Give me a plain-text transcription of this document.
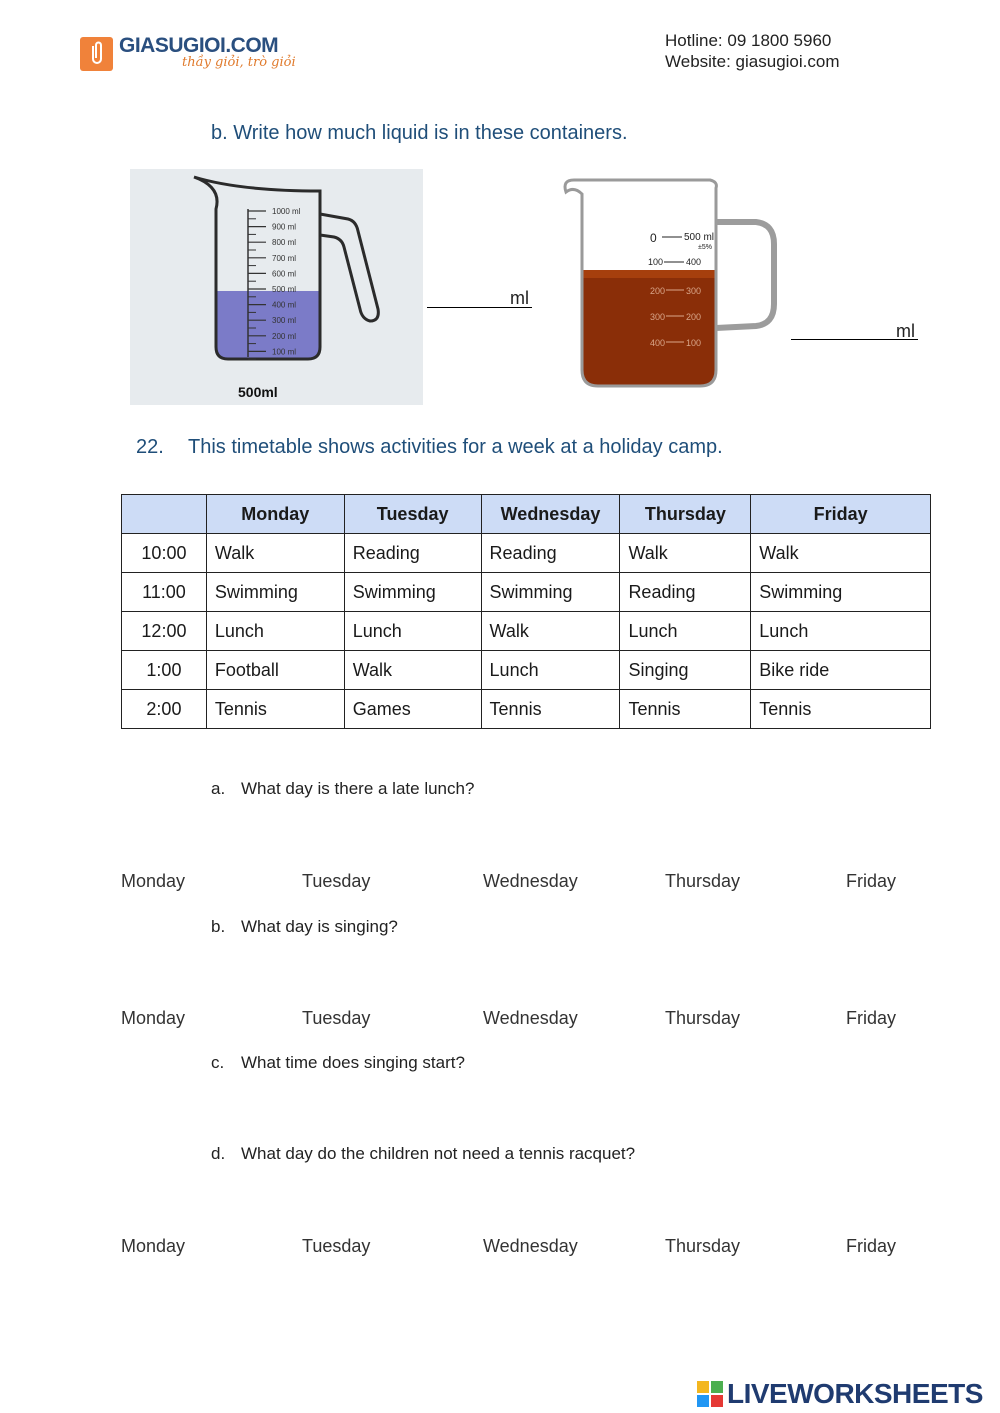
GIASUGIOI.COM
thầy giỏi, trò giỏi
Hotline: 09 1800 5960
Website: giasugioi.com
b. Write how much liquid is in these containers.
1000 ml
900 ml
800 ml
700 ml
600 ml
500 ml
400 ml
300 ml
200 ml
100 ml
500ml
ml
0	500 ml
±5%
100	400
200 300
300 200
400 100
ml
22. This timetable shows activities for a week at a holiday camp.
	Monday	Tuesday	Wednesday	Thursday	Friday
10:00	Walk	Reading	Reading	Walk	Walk
11:00	Swimming	Swimming	Swimming	Reading	Swimming
12:00	Lunch	Lunch	Walk	Lunch	Lunch
1:00	Football	Walk	Lunch	Singing	Bike ride
2:00	Tennis	Games	Tennis	Tennis	Tennis
a. What day is there a late lunch?
Monday	Tuesday	Wednesday	Thursday	Friday
b. What day is singing?
Monday	Tuesday	Wednesday	Thursday	Friday
c. What time does singing start?
d. What day do the children not need a tennis racquet?
Monday	Tuesday	Wednesday	Thursday	Friday
LIVEWORKSHEETS
